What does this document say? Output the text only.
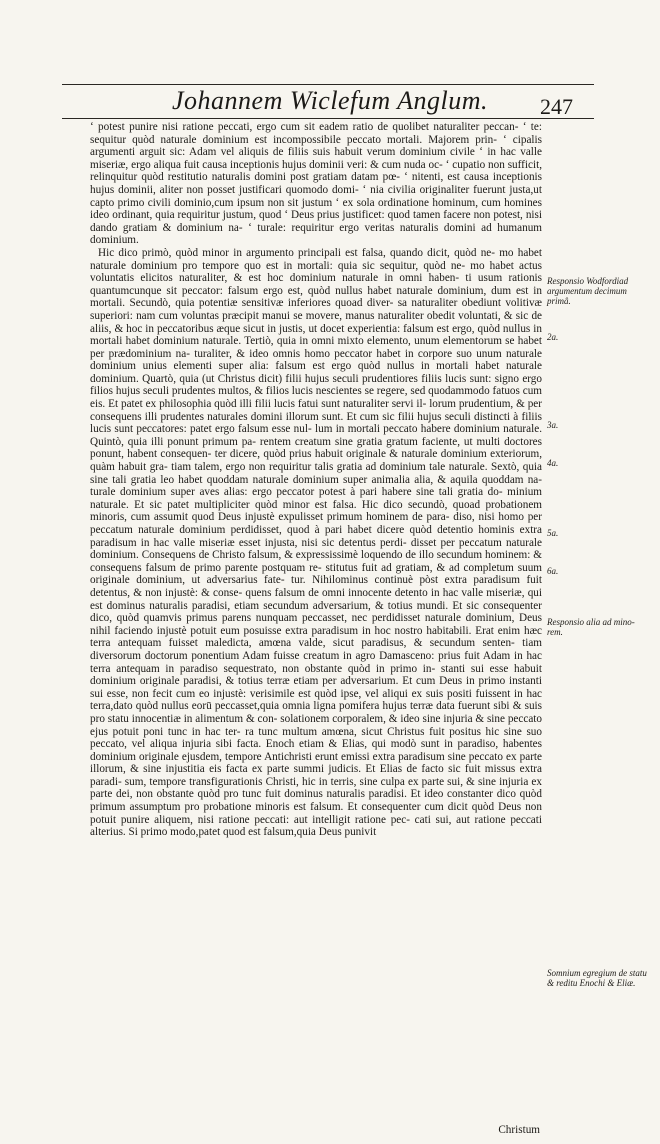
Johannem Wiclefum Anglum.	247

‘ potest punire nisi ratione peccati, ergo cum sit eadem ratio de quolibet naturaliter peccan- ‘ te: sequitur quòd naturale dominium est incompossibile peccato mortali. Majorem prin- ‘ cipalis argumenti arguit sic: Adam vel aliquis de filiis suis habuit verum dominium civile ‘ in hac valle miseriæ, ergo aliqua fuit causa inceptionis hujus dominii veri: & cum nuda oc- ‘ cupatio non sufficit, relinquitur quòd restitutio naturalis domini post gratiam datam pœ- ‘ nitenti, est causa inceptionis hujus dominii, aliter non posset justificari quomodo domi- ‘ nia civilia originaliter fuerunt justa,ut capto primo civili dominio,cum ipsum non sit justum ‘ ex sola ordinatione hominum, cum homines ideo ordinant, quia requiritur justum, quod ‘ Deus prius justificet: quod tamen facere non potest, nisi dando gratiam & dominium na- ‘ turale: requiritur ergo veritas naturalis domini ad humanum dominium.

Hic dico primò, quòd minor in argumento principali est falsa, quando dicit, quòd ne- mo habet naturale dominium pro tempore quo est in mortali: quia sic sequitur, quòd ne- mo habet actus voluntatis elicitos naturaliter, & est hoc dominium naturale in omni haben- ti usum rationis quantumcunque sit peccator: falsum ergo est, quòd nullus habet naturale dominium, dum est in mortali. Secundò, quia potentiæ sensitivæ inferiores quoad diver- sa naturaliter obediunt volitivæ superiori: nam cum voluntas præcipit manui se movere, manus naturaliter obedit voluntati, & sic de aliis, & hoc in peccatoribus æque sicut in justis, ut docet experientia: falsum est ergo, quòd nullus in mortali habet dominium naturale. Tertiò, quia in omni mixto elemento, unum elementorum se habet per prædominium na- turaliter, & ideo omnis homo peccator habet in corpore suo unum naturale dominium unius elementi super alia: falsum est ergo quòd nullus in mortali habet naturale dominium. Quartò, quia (ut Christus dicit) filii hujus seculi prudentiores filiis lucis sunt: signo ergo filios hujus seculi prudentes multos, & filios lucis nescientes se regere, sed quodammodo fatuos cum eis. Et patet ex philosophia quòd illi filii lucis fatui sunt naturaliter servi il- lorum prudentium, & per consequens illi prudentes naturales domini illorum sunt. Et cum sic filii hujus seculi distincti à filiis lucis sunt peccatores: patet ergo falsum esse nul- lum in mortali peccato habere dominium naturale. Quintò, quia illi ponunt primum pa- rentem creatum sine gratia gratum faciente, ut multi doctores ponunt, habent consequen- ter dicere, quòd prius habuit originale & naturale dominium exteriorum, quàm habuit gra- tiam talem, ergo non requiritur talis gratia ad dominium tale naturale. Sextò, quia sine tali gratia leo habet quoddam naturale dominium super animalia alia, & aquila quoddam na- turale dominium super aves alias: ergo peccator potest à pari habere sine tali gratia do- minium naturale. Et sic patet multipliciter quòd minor est falsa. Hic dico secundò, quoad probationem minoris, cum assumit quod Deus injustè expulisset primum hominem de para- diso, nisi homo per peccatum naturale dominium perdidisset, quod à pari habet dicere quòd detentio hominis extra paradisum in hac valle miseriæ esset injusta, nisi sic detentus perdi- disset per peccatum naturale dominium. Consequens de Christo falsum, & expressissimè loquendo de illo secundum hominem: & consequens falsum de primo parente postquam re- stitutus fuit ad gratiam, & ad completum suum originale dominium, ut adversarius fate- tur. Nihilominus continuè pòst extra paradisum fuit detentus, & non injustè: & conse- quens falsum de omni innocente detento in hac valle miseriæ, qui est dominus naturalis paradisi, etiam secundum adversarium, & totius mundi. Et sic consequenter dico, quòd quamvis primus parens nunquam peccasset, nec perdidisset naturale dominium, Deus nihil faciendo injustè potuit eum posuisse extra paradisum in hoc nostro habitabili. Erat enim hæc terra antequam fuisset maledicta, amœna valde, sicut paradisus, & secundum senten- tiam diversorum doctorum ponentium Adam fuisse creatum in agro Damasceno: prius fuit Adam in hac terra antequam in paradiso sequestrato, non obstante quòd in primo in- stanti sui esse habuit dominium originale paradisi, & totius terræ etiam per adversarium. Et cum Deus in primo instanti sui esse, non fecit cum eo injustè: verisimile est quòd ipse, vel aliqui ex suis positi fuissent in hac terra,dato quòd nullus eorū peccasset,quia omnia ligna pomifera hujus terræ data fuerunt sibi & suis pro statu innocentiæ in alimentum & con- solationem corporalem, & ideo sine injuria & sine peccato ejus potuit poni tunc in hac ter- ra tunc multum amœna, sicut Christus fuit positus hic sine suo peccato, vel aliqua injuria sibi facta. Enoch etiam & Elias, qui modò sunt in paradiso, habentes dominium originale ejusdem, tempore Antichristi erunt emissi extra paradisum sine peccato ex parte illorum, & sine injustitia eis facta ex parte summi judicis. Et Elias de facto sic fuit missus extra paradi- sum, tempore transfigurationis Christi, hic in terris, sine culpa ex parte sui, & sine injuria ex parte dei, non obstante quòd pro tunc fuit dominus naturalis paradisi. Et ideo constanter dico quòd primum assumptum pro probatione minoris est falsum. Et consequenter cum dicit quòd Deus non potuit punire aliquem, nisi ratione peccati: aut intelligit ratione pec- cati sui, aut ratione peccati alterius. Si primo modo,patet quod est falsum,quia Deus punivit

Responsio Wodfordiad argumentum decimum primâ.
2a.
3a.
4a.
5a.
6a.
Responsio alia ad mino- rem.
Somnium egregium de statu & reditu Enochi & Eliæ.
Christum
